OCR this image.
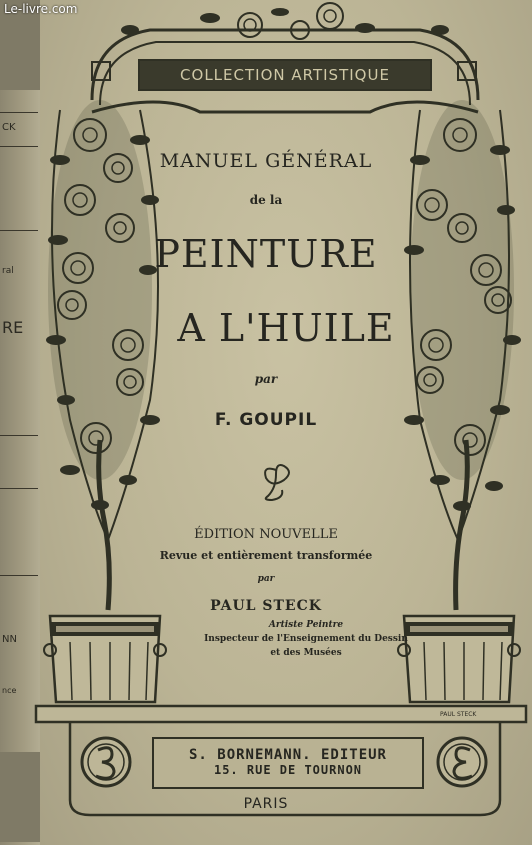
CK
ral
RE
NN
nce
Le-livre.com
COLLECTION ARTISTIQUE

MANUEL GÉNÉRAL

de la

PEINTURE

A L'HUILE

par

F. GOUPIL

ÉDITION NOUVELLE

Revue et entièrement transformée

par

PAUL STECK

Artiste Peintre

Inspecteur de l'Enseignement du Dessin

et des Musées

PAUL STECK
S. BORNEMANN. EDITEUR
15. RUE DE TOURNON

PARIS
